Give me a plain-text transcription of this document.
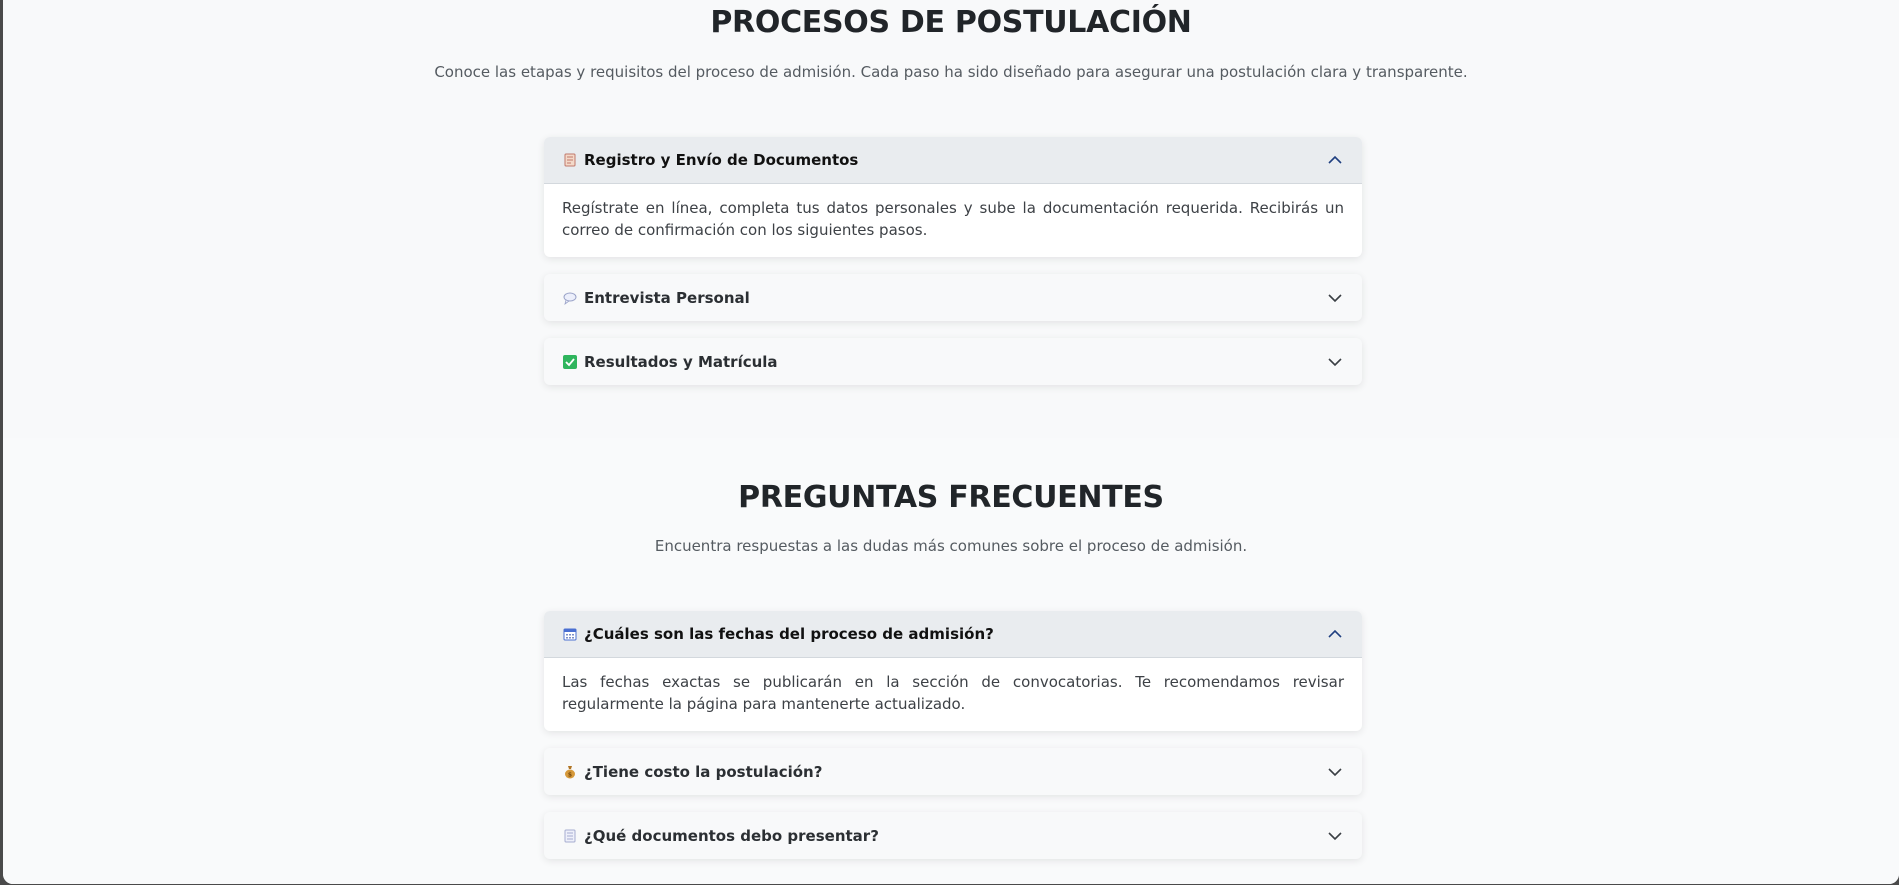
PROCESOS DE POSTULACIÓN

Conoce las etapas y requisitos del proceso de admisión. Cada paso ha sido diseñado para asegurar una postulación clara y transparente.

Registro y Envío de Documentos
Regístrate en línea, completa tus datos personales y sube la documentación requerida. Recibirás un correo de confirmación con los siguientes pasos.
Entrevista Personal
Resultados y Matrícula
PREGUNTAS FRECUENTES

Encuentra respuestas a las dudas más comunes sobre el proceso de admisión.

¿Cuáles son las fechas del proceso de admisión?
Las fechas exactas se publicarán en la sección de convocatorias. Te recomendamos revisar regularmente la página para mantenerte actualizado.
$ ¿Tiene costo la postulación?
¿Qué documentos debo presentar?
